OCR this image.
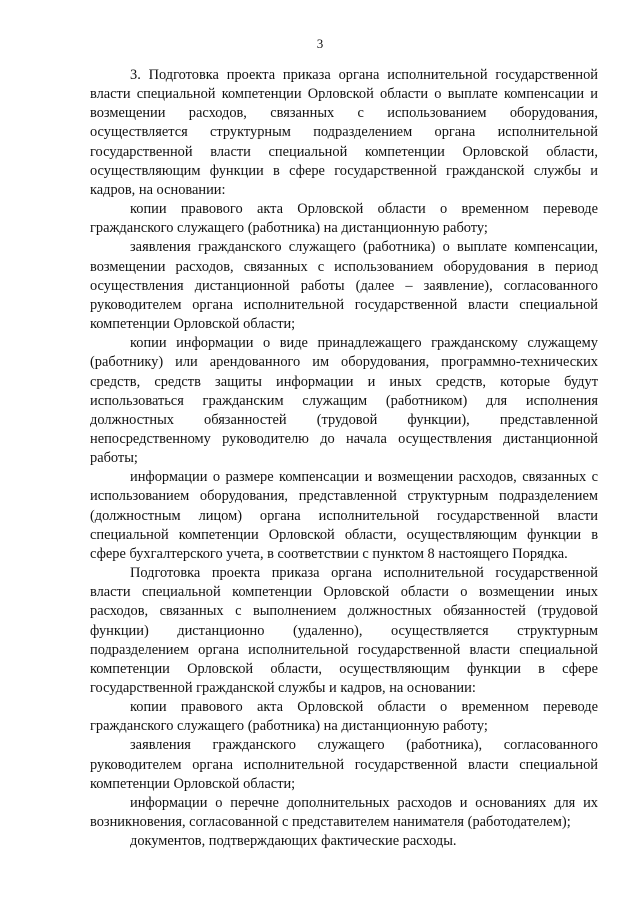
3

3. Подготовка проекта приказа органа исполнительной государственной власти специальной компетенции Орловской области о выплате компенсации и возмещении расходов, связанных с использованием оборудования, осуществляется структурным подразделением органа исполнительной государственной власти специальной компетенции Орловской области, осуществляющим функции в сфере государственной гражданской службы и кадров, на основании:

копии правового акта Орловской области о временном переводе гражданского служащего (работника) на дистанционную работу;

заявления гражданского служащего (работника) о выплате компенсации, возмещении расходов, связанных с использованием оборудования в период осуществления дистанционной работы (далее – заявление), согласованного руководителем органа исполнительной государственной власти специальной компетенции Орловской области;

копии информации о виде принадлежащего гражданскому служащему (работнику) или арендованного им оборудования, программно-технических средств, средств защиты информации и иных средств, которые будут использоваться гражданским служащим (работником) для исполнения должностных обязанностей (трудовой функции), представленной непосредственному руководителю до начала осуществления дистанционной работы;

информации о размере компенсации и возмещении расходов, связанных с использованием оборудования, представленной структурным подразделением (должностным лицом) органа исполнительной государственной власти специальной компетенции Орловской области, осуществляющим функции в сфере бухгалтерского учета, в соответствии с пунктом 8 настоящего Порядка.

Подготовка проекта приказа органа исполнительной государственной власти специальной компетенции Орловской области о возмещении иных расходов, связанных с выполнением должностных обязанностей (трудовой функции) дистанционно (удаленно), осуществляется структурным подразделением органа исполнительной государственной власти специальной компетенции Орловской области, осуществляющим функции в сфере государственной гражданской службы и кадров, на основании:

копии правового акта Орловской области о временном переводе гражданского служащего (работника) на дистанционную работу;

заявления гражданского служащего (работника), согласованного руководителем органа исполнительной государственной власти специальной компетенции Орловской области;

информации о перечне дополнительных расходов и основаниях для их возникновения, согласованной с представителем нанимателя (работодателем);

документов, подтверждающих фактические расходы.
